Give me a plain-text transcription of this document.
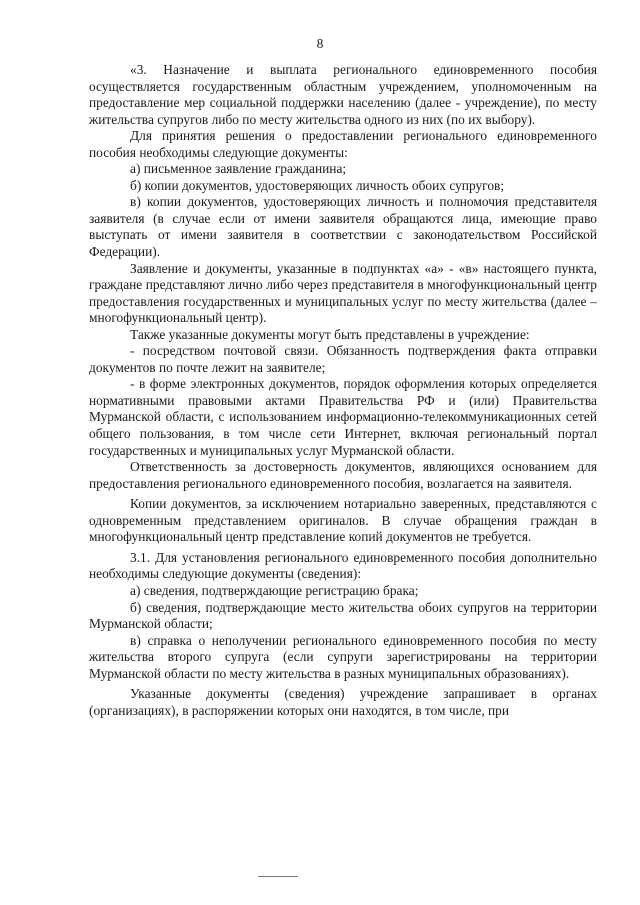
8

«3. Назначение и выплата регионального единовременного пособия осуществляется государственным областным учреждением, уполномоченным на предоставление мер социальной поддержки населению (далее - учреждение), по месту жительства супругов либо по месту жительства одного из них (по их выбору).

Для принятия решения о предоставлении регионального единовременного пособия необходимы следующие документы:

а) письменное заявление гражданина;

б) копии документов, удостоверяющих личность обоих супругов;

в) копии документов, удостоверяющих личность и полномочия представителя заявителя (в случае если от имени заявителя обращаются лица, имеющие право выступать от имени заявителя в соответствии с законодательством Российской Федерации).

Заявление и документы, указанные в подпунктах «а» - «в» настоящего пункта, граждане представляют лично либо через представителя в многофункциональный центр предоставления государственных и муниципальных услуг по месту жительства (далее – многофункциональный центр).

Также указанные документы могут быть представлены в учреждение:

- посредством почтовой связи. Обязанность подтверждения факта отправки документов по почте лежит на заявителе;

- в форме электронных документов, порядок оформления которых определяется нормативными правовыми актами Правительства РФ и (или) Правительства Мурманской области, с использованием информационно-телекоммуникационных сетей общего пользования, в том числе сети Интернет, включая региональный портал государственных и муниципальных услуг Мурманской области.

Ответственность за достоверность документов, являющихся основанием для предоставления регионального единовременного пособия, возлагается на заявителя.

Копии документов, за исключением нотариально заверенных, представляются с одновременным представлением оригиналов. В случае обращения граждан в многофункциональный центр представление копий документов не требуется.

3.1. Для установления регионального единовременного пособия дополнительно необходимы следующие документы (сведения):

а) сведения, подтверждающие регистрацию брака;

б) сведения, подтверждающие место жительства обоих супругов на территории Мурманской области;

в) справка о неполучении регионального единовременного пособия по месту жительства второго супруга (если супруги зарегистрированы на территории Мурманской области по месту жительства в разных муниципальных образованиях).

Указанные документы (сведения) учреждение запрашивает в органах (организациях), в распоряжении которых они находятся, в том числе, при
